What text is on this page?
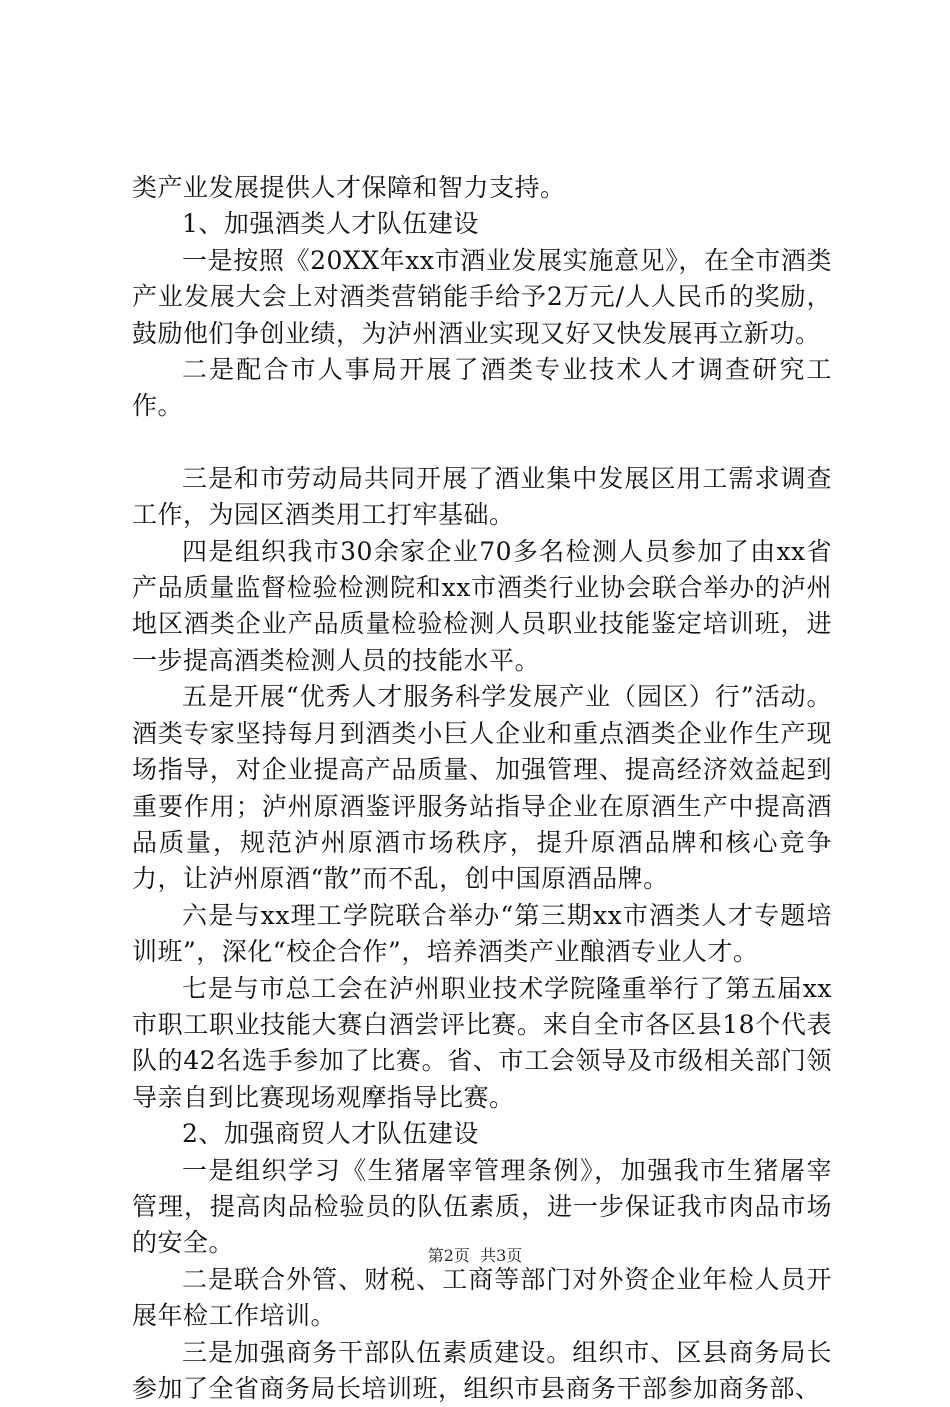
类产业发展提供人才保障和智力支持。

1、加强酒类人才队伍建设

一是按照《20XX年xx市酒业发展实施意见》，在全市酒类产业发展大会上对酒类营销能手给予2万元/人人民币的奖励，鼓励他们争创业绩，为泸州酒业实现又好又快发展再立新功。

二是配合市人事局开展了酒类专业技术人才调查研究工作。

三是和市劳动局共同开展了酒业集中发展区用工需求调查工作，为园区酒类用工打牢基础。

四是组织我市30余家企业70多名检测人员参加了由xx省产品质量监督检验检测院和xx市酒类行业协会联合举办的泸州地区酒类企业产品质量检验检测人员职业技能鉴定培训班，进一步提高酒类检测人员的技能水平。

五是开展“优秀人才服务科学发展产业（园区）行”活动。酒类专家坚持每月到酒类小巨人企业和重点酒类企业作生产现场指导，对企业提高产品质量、加强管理、提高经济效益起到重要作用；泸州原酒鉴评服务站指导企业在原酒生产中提高酒品质量，规范泸州原酒市场秩序，提升原酒品牌和核心竞争力，让泸州原酒“散”而不乱，创中国原酒品牌。

六是与xx理工学院联合举办“第三期xx市酒类人才专题培训班”，深化“校企合作”，培养酒类产业酿酒专业人才。

七是与市总工会在泸州职业技术学院隆重举行了第五届xx市职工职业技能大赛白酒尝评比赛。来自全市各区县18个代表队的42名选手参加了比赛。省、市工会领导及市级相关部门领导亲自到比赛现场观摩指导比赛。

2、加强商贸人才队伍建设

一是组织学习《生猪屠宰管理条例》，加强我市生猪屠宰管理，提高肉品检验员的队伍素质，进一步保证我市肉品市场的安全。

二是联合外管、财税、工商等部门对外资企业年检人员开展年检工作培训。

三是加强商务干部队伍素质建设。组织市、区县商务局长参加了全省商务局长培训班，组织市县商务干部参加商务部、

第2页  共3页
